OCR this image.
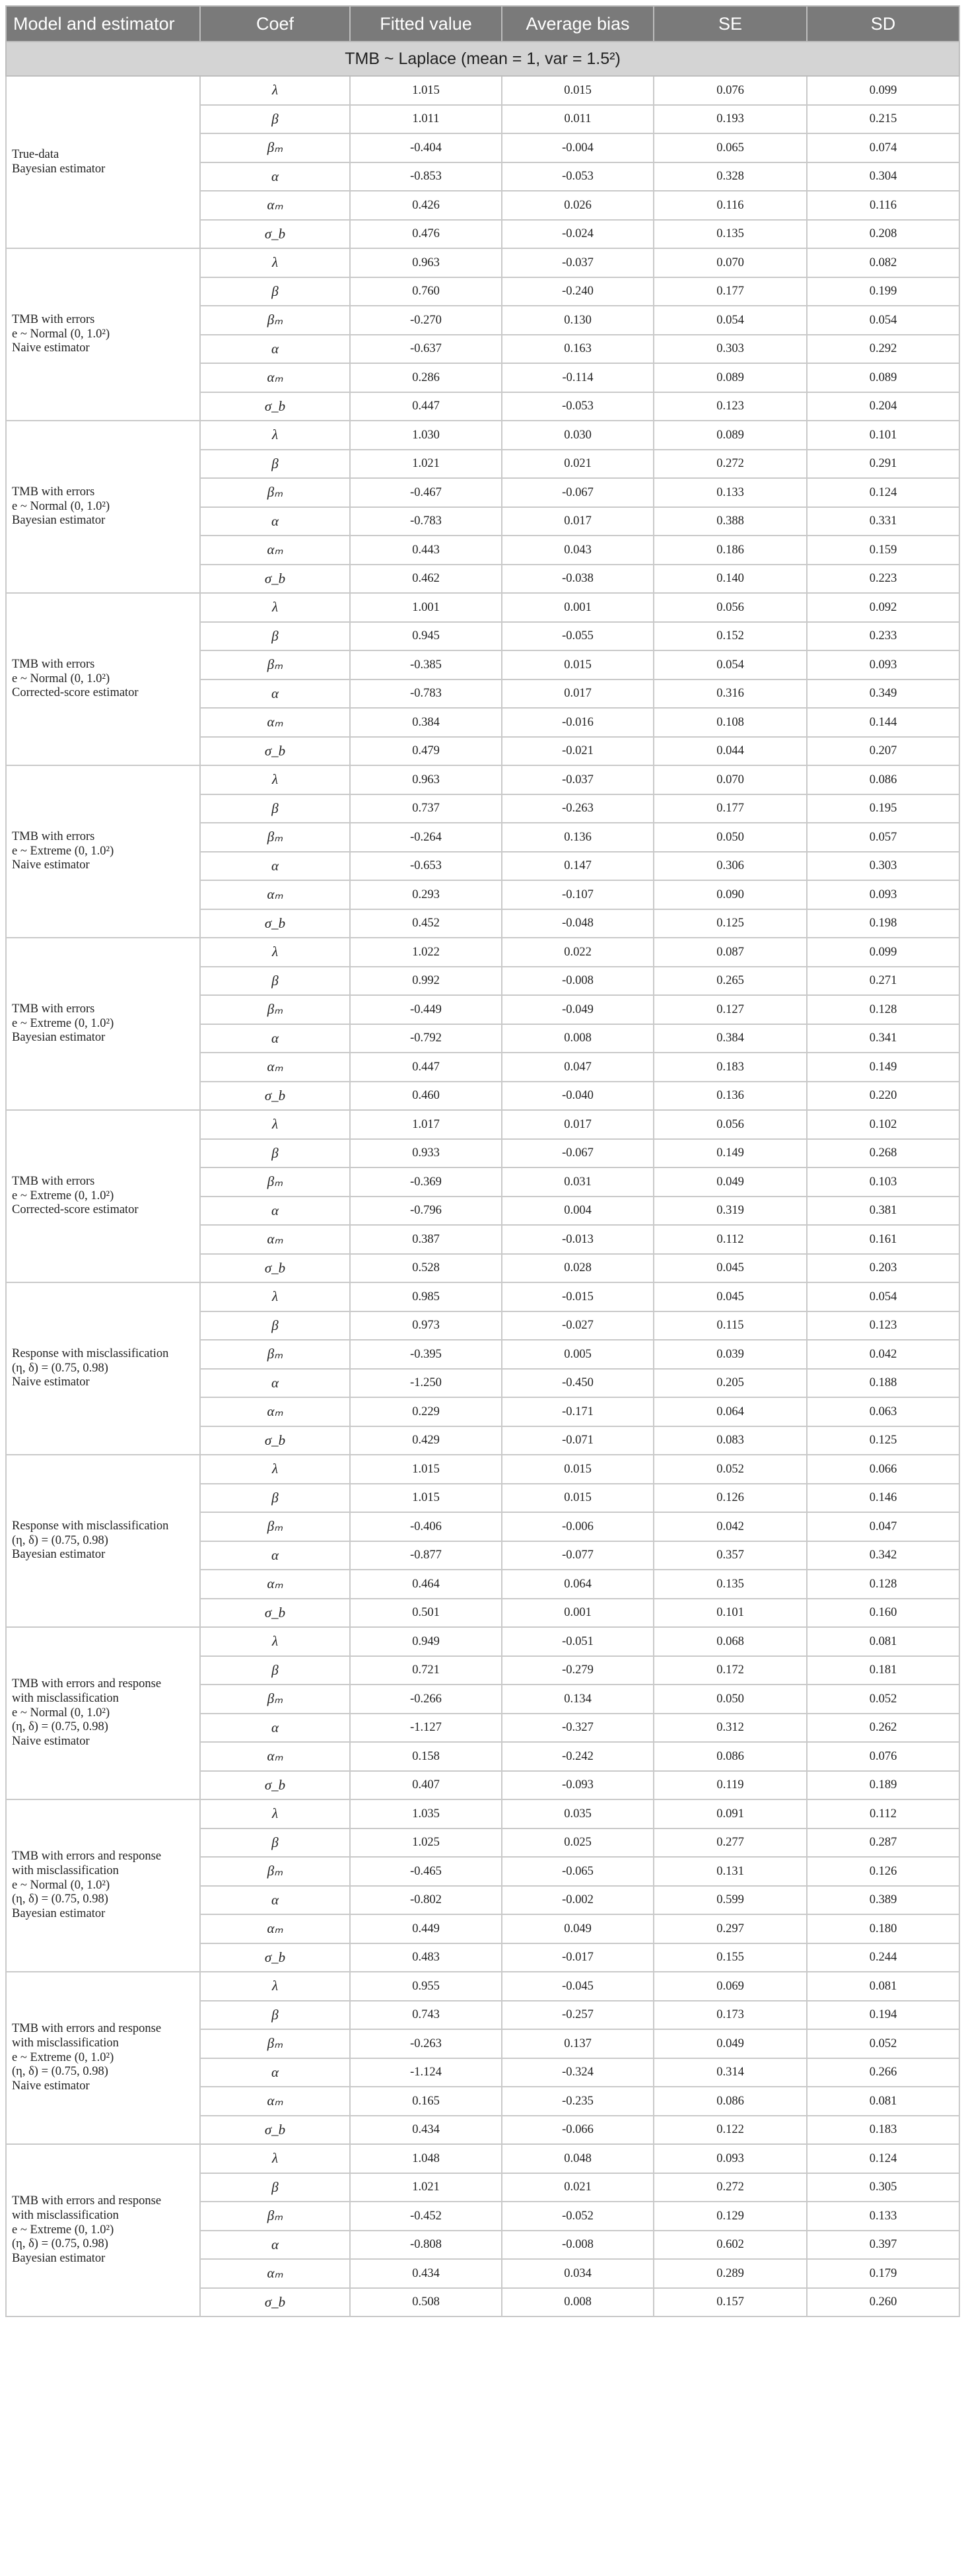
Model and estimator	Coef	Fitted value	Average bias	SE	SD
TMB ~ Laplace (mean = 1, var = 1.5²)					

True-data
Bayesian estimator	λ	1.015	0.015	0.076	0.099
	β	1.011	0.011	0.193	0.215
	βₘ	-0.404	-0.004	0.065	0.074
	α	-0.853	-0.053	0.328	0.304
	αₘ	0.426	0.026	0.116	0.116
	σ_b	0.476	-0.024	0.135	0.208

TMB with errors
e ~ Normal (0, 1.0²)
Naive estimator	λ	0.963	-0.037	0.070	0.082
	β	0.760	-0.240	0.177	0.199
	βₘ	-0.270	0.130	0.054	0.054
	α	-0.637	0.163	0.303	0.292
	αₘ	0.286	-0.114	0.089	0.089
	σ_b	0.447	-0.053	0.123	0.204

TMB with errors
e ~ Normal (0, 1.0²)
Bayesian estimator	λ	1.030	0.030	0.089	0.101
	β	1.021	0.021	0.272	0.291
	βₘ	-0.467	-0.067	0.133	0.124
	α	-0.783	0.017	0.388	0.331
	αₘ	0.443	0.043	0.186	0.159
	σ_b	0.462	-0.038	0.140	0.223

TMB with errors
e ~ Normal (0, 1.0²)
Corrected-score estimator	λ	1.001	0.001	0.056	0.092
	β	0.945	-0.055	0.152	0.233
	βₘ	-0.385	0.015	0.054	0.093
	α	-0.783	0.017	0.316	0.349
	αₘ	0.384	-0.016	0.108	0.144
	σ_b	0.479	-0.021	0.044	0.207

TMB with errors
e ~ Extreme (0, 1.0²)
Naive estimator	λ	0.963	-0.037	0.070	0.086
	β	0.737	-0.263	0.177	0.195
	βₘ	-0.264	0.136	0.050	0.057
	α	-0.653	0.147	0.306	0.303
	αₘ	0.293	-0.107	0.090	0.093
	σ_b	0.452	-0.048	0.125	0.198

TMB with errors
e ~ Extreme (0, 1.0²)
Bayesian estimator	λ	1.022	0.022	0.087	0.099
	β	0.992	-0.008	0.265	0.271
	βₘ	-0.449	-0.049	0.127	0.128
	α	-0.792	0.008	0.384	0.341
	αₘ	0.447	0.047	0.183	0.149
	σ_b	0.460	-0.040	0.136	0.220

TMB with errors
e ~ Extreme (0, 1.0²)
Corrected-score estimator	λ	1.017	0.017	0.056	0.102
	β	0.933	-0.067	0.149	0.268
	βₘ	-0.369	0.031	0.049	0.103
	α	-0.796	0.004	0.319	0.381
	αₘ	0.387	-0.013	0.112	0.161
	σ_b	0.528	0.028	0.045	0.203

Response with misclassification
(η, δ) = (0.75, 0.98)
Naive estimator	λ	0.985	-0.015	0.045	0.054
	β	0.973	-0.027	0.115	0.123
	βₘ	-0.395	0.005	0.039	0.042
	α	-1.250	-0.450	0.205	0.188
	αₘ	0.229	-0.171	0.064	0.063
	σ_b	0.429	-0.071	0.083	0.125

Response with misclassification
(η, δ) = (0.75, 0.98)
Bayesian estimator	λ	1.015	0.015	0.052	0.066
	β	1.015	0.015	0.126	0.146
	βₘ	-0.406	-0.006	0.042	0.047
	α	-0.877	-0.077	0.357	0.342
	αₘ	0.464	0.064	0.135	0.128
	σ_b	0.501	0.001	0.101	0.160

TMB with errors and response
with misclassification
e ~ Normal (0, 1.0²)
(η, δ) = (0.75, 0.98)
Naive estimator	λ	0.949	-0.051	0.068	0.081
	β	0.721	-0.279	0.172	0.181
	βₘ	-0.266	0.134	0.050	0.052
	α	-1.127	-0.327	0.312	0.262
	αₘ	0.158	-0.242	0.086	0.076
	σ_b	0.407	-0.093	0.119	0.189

TMB with errors and response
with misclassification
e ~ Normal (0, 1.0²)
(η, δ) = (0.75, 0.98)
Bayesian estimator	λ	1.035	0.035	0.091	0.112
	β	1.025	0.025	0.277	0.287
	βₘ	-0.465	-0.065	0.131	0.126
	α	-0.802	-0.002	0.599	0.389
	αₘ	0.449	0.049	0.297	0.180
	σ_b	0.483	-0.017	0.155	0.244

TMB with errors and response
with misclassification
e ~ Extreme (0, 1.0²)
(η, δ) = (0.75, 0.98)
Naive estimator	λ	0.955	-0.045	0.069	0.081
	β	0.743	-0.257	0.173	0.194
	βₘ	-0.263	0.137	0.049	0.052
	α	-1.124	-0.324	0.314	0.266
	αₘ	0.165	-0.235	0.086	0.081
	σ_b	0.434	-0.066	0.122	0.183

TMB with errors and response
with misclassification
e ~ Extreme (0, 1.0²)
(η, δ) = (0.75, 0.98)
Bayesian estimator	λ	1.048	0.048	0.093	0.124
	β	1.021	0.021	0.272	0.305
	βₘ	-0.452	-0.052	0.129	0.133
	α	-0.808	-0.008	0.602	0.397
	αₘ	0.434	0.034	0.289	0.179
	σ_b	0.508	0.008	0.157	0.260
